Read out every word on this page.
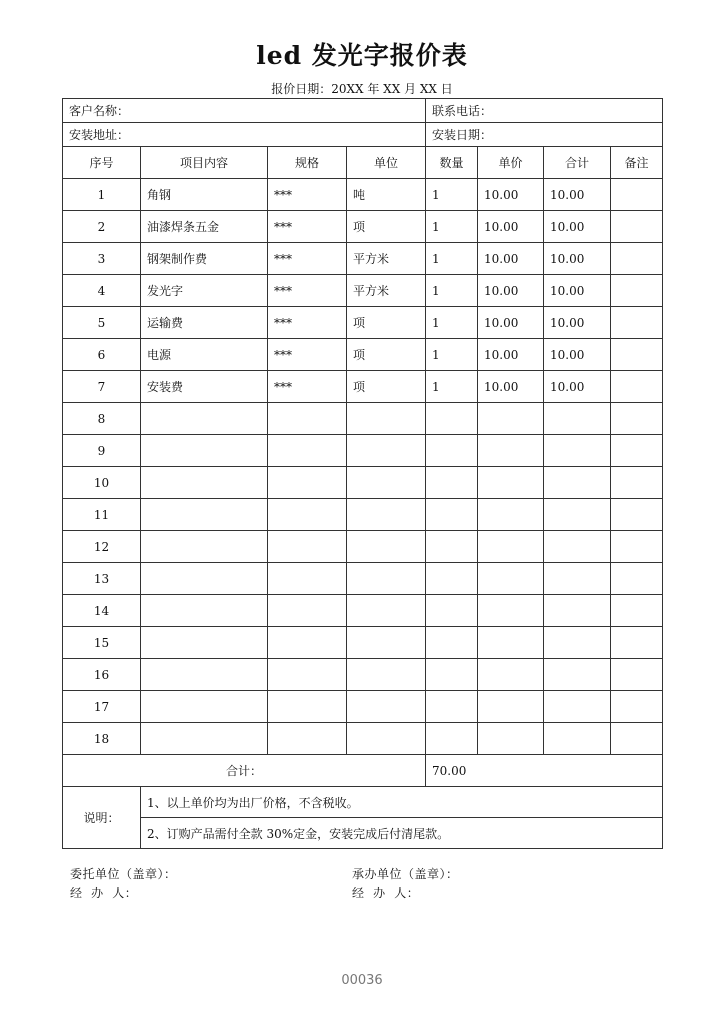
led 发光字报价表
报价日期：20XX 年 XX 月 XX 日
客户名称：				联系电话：			
安装地址：				安装日期：			
序号	项目内容	规格	单位	数量	单价	合计	备注
1	角钢	***	吨	1	10.00	10.00	
2	油漆焊条五金	***	项	1	10.00	10.00	
3	钢架制作费	***	平方米	1	10.00	10.00	
4	发光字	***	平方米	1	10.00	10.00	
5	运输费	***	项	1	10.00	10.00	
6	电源	***	项	1	10.00	10.00	
7	安装费	***	项	1	10.00	10.00	
8							
9							
10							
11							
12							
13							
14							
15							
16							
17							
18							
合计：				70.00			
说明：	1、以上单价均为出厂价格，不含税收。						
	2、订购产品需付全款 30%定金，安装完成后付清尾款。						
委托单位（盖章）：	承办单位（盖章）：
经  办  人：	经  办  人：
00036
